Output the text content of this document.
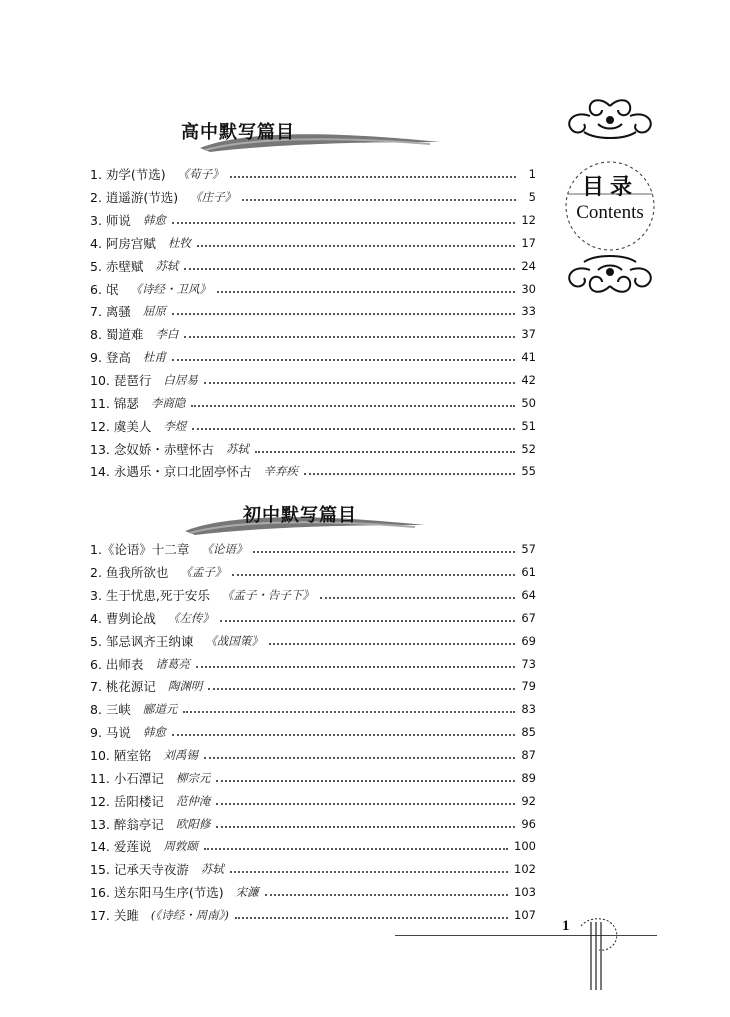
高中默写篇目
1. 劝学(节选) 《荀子》	1
2. 逍遥游(节选) 《庄子》	5
3. 师说 韩愈	12
4. 阿房宫赋 杜牧	17
5. 赤壁赋 苏轼	24
6. 氓 《诗经・卫风》	30
7. 离骚 屈原	33
8. 蜀道难 李白	37
9. 登高 杜甫	41
10. 琵琶行 白居易	42
11. 锦瑟 李商隐	50
12. 虞美人 李煜	51
13. 念奴娇・赤壁怀古 苏轼	52
14. 永遇乐・京口北固亭怀古 辛弃疾	55
初中默写篇目
1.《论语》十二章 《论语》	57
2. 鱼我所欲也 《孟子》	61
3. 生于忧患,死于安乐 《孟子・告子下》	64
4. 曹刿论战 《左传》	67
5. 邹忌讽齐王纳谏 《战国策》	69
6. 出师表 诸葛亮	73
7. 桃花源记 陶渊明	79
8. 三峡 郦道元	83
9. 马说 韩愈	85
10. 陋室铭 刘禹锡	87
11. 小石潭记 柳宗元	89
12. 岳阳楼记 范仲淹	92
13. 醉翁亭记 欧阳修	96
14. 爱莲说 周敦颐	100
15. 记承天寺夜游 苏轼	102
16. 送东阳马生序(节选) 宋濂	103
17. 关雎 (《诗经・周南》)	107
目录
Contents
1
